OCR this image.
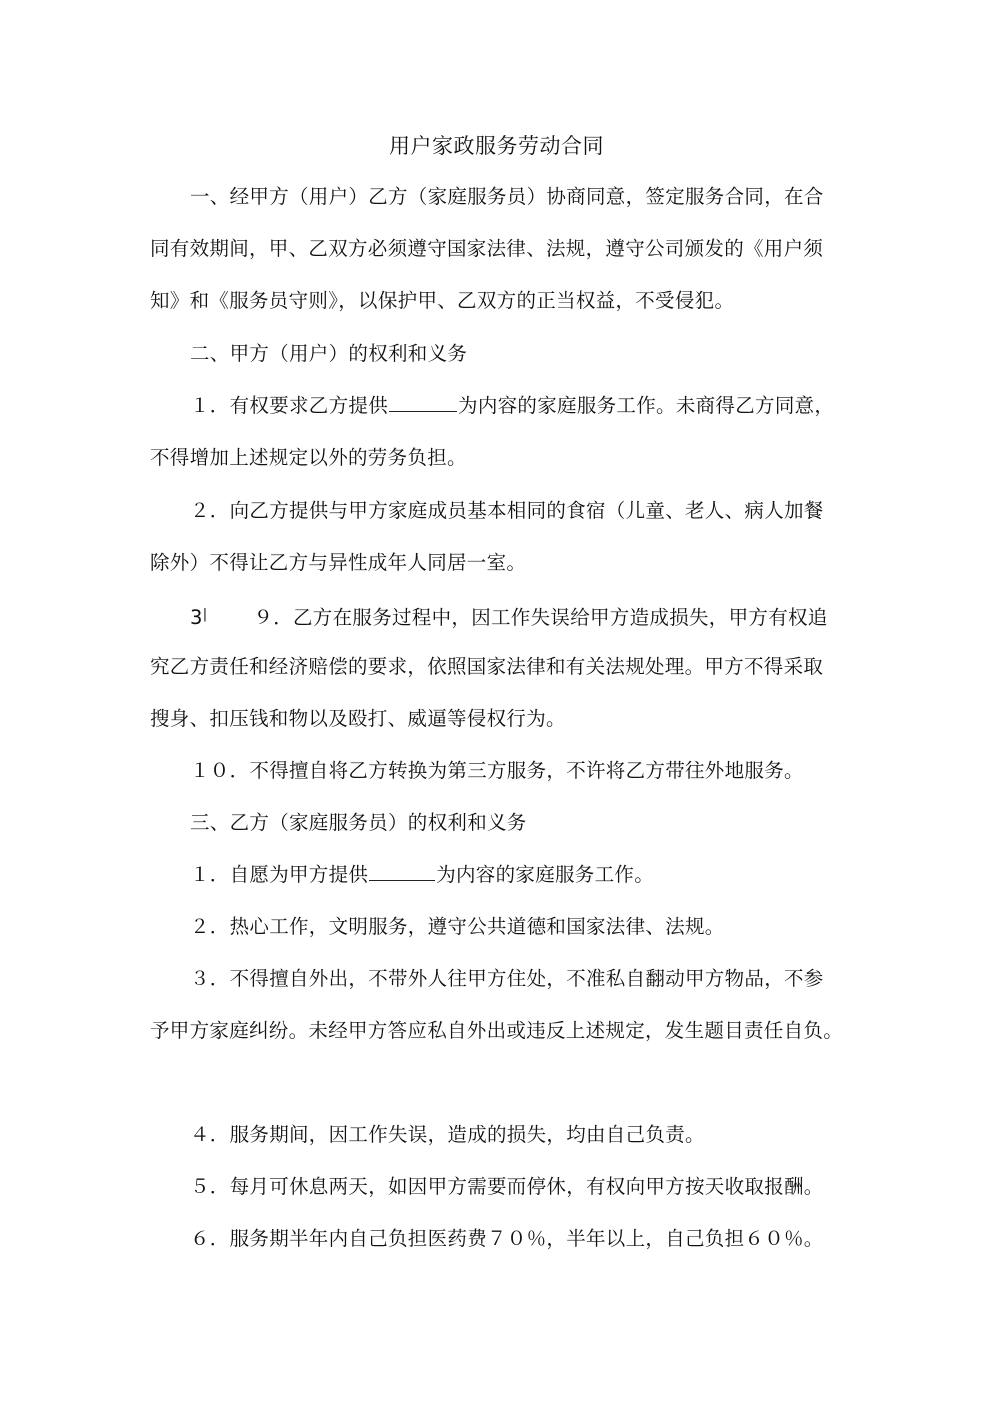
用户家政服务劳动合同
一、经甲方（用户）乙方（家庭服务员）协商同意，签定服务合同，在合
同有效期间，甲、乙双方必须遵守国家法律、法规，遵守公司颁发的《用户须
知》和《服务员守则》，以保护甲、乙双方的正当权益，不受侵犯。
二、甲方（用户）的权利和义务
１．有权要求乙方提供	为内容的家庭服务工作。未商得乙方同意，
不得增加上述规定以外的劳务负担。
２．向乙方提供与甲方家庭成员基本相同的食宿（儿童、老人、病人加餐
除外）不得让乙方与异性成年人同居一室。
3| ９．乙方在服务过程中，因工作失误给甲方造成损失，甲方有权追
究乙方责任和经济赔偿的要求，依照国家法律和有关法规处理。甲方不得采取
搜身、扣压钱和物以及殴打、威逼等侵权行为。
１０．不得擅自将乙方转换为第三方服务，不许将乙方带往外地服务。
三、乙方（家庭服务员）的权利和义务
１．自愿为甲方提供	为内容的家庭服务工作。
２．热心工作，文明服务，遵守公共道德和国家法律、法规。
３．不得擅自外出，不带外人往甲方住处，不准私自翻动甲方物品，不参
予甲方家庭纠纷。未经甲方答应私自外出或违反上述规定，发生题目责任自负。
４．服务期间，因工作失误，造成的损失，均由自己负责。
５．每月可休息两天，如因甲方需要而停休，有权向甲方按天收取报酬。
６．服务期半年内自己负担医药费７０％，半年以上，自己负担６０％。
